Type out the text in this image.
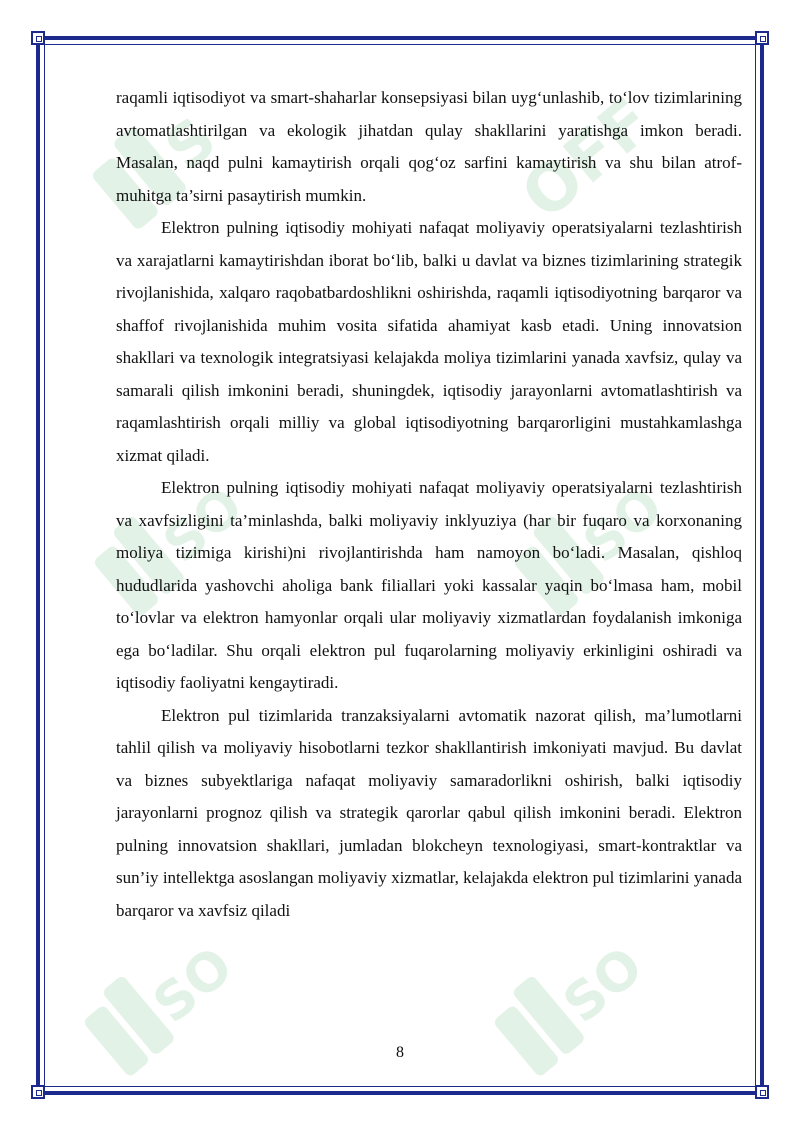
S	OFF
SO	SO
SO	SO

raqamli iqtisodiyot va smart-shaharlar konsepsiyasi bilan uyg‘unlashib, to‘lov tizimlarining avtomatlashtirilgan va ekologik jihatdan qulay shakllarini yaratishga imkon beradi. Masalan, naqd pulni kamaytirish orqali qog‘oz sarfini kamaytirish va shu bilan atrof-muhitga ta’sirni pasaytirish mumkin.

Elektron pulning iqtisodiy mohiyati nafaqat moliyaviy operatsiyalarni tezlashtirish va xarajatlarni kamaytirishdan iborat bo‘lib, balki u davlat va biznes tizimlarining strategik rivojlanishida, xalqaro raqobatbardoshlikni oshirishda, raqamli iqtisodiyotning barqaror va shaffof rivojlanishida muhim vosita sifatida ahamiyat kasb etadi. Uning innovatsion shakllari va texnologik integratsiyasi kelajakda moliya tizimlarini yanada xavfsiz, qulay va samarali qilish imkonini beradi, shuningdek, iqtisodiy jarayonlarni avtomatlashtirish va raqamlashtirish orqali milliy va global iqtisodiyotning barqarorligini mustahkamlashga xizmat qiladi.

Elektron pulning iqtisodiy mohiyati nafaqat moliyaviy operatsiyalarni tezlashtirish va xavfsizligini ta’minlashda, balki moliyaviy inklyuziya (har bir fuqaro va korxonaning moliya tizimiga kirishi)ni rivojlantirishda ham namoyon bo‘ladi. Masalan, qishloq hududlarida yashovchi aholiga bank filiallari yoki kassalar yaqin bo‘lmasa ham, mobil to‘lovlar va elektron hamyonlar orqali ular moliyaviy xizmatlardan foydalanish imkoniga ega bo‘ladilar. Shu orqali elektron pul fuqarolarning moliyaviy erkinligini oshiradi va iqtisodiy faoliyatni kengaytiradi.

Elektron pul tizimlarida tranzaksiyalarni avtomatik nazorat qilish, ma’lumotlarni tahlil qilish va moliyaviy hisobotlarni tezkor shakllantirish imkoniyati mavjud. Bu davlat va biznes subyektlariga nafaqat moliyaviy samaradorlikni oshirish, balki iqtisodiy jarayonlarni prognoz qilish va strategik qarorlar qabul qilish imkonini beradi. Elektron pulning innovatsion shakllari, jumladan blokcheyn texnologiyasi, smart-kontraktlar va sun’iy intellektga asoslangan moliyaviy xizmatlar, kelajakda elektron pul tizimlarini yanada barqaror va xavfsiz qiladi

8
